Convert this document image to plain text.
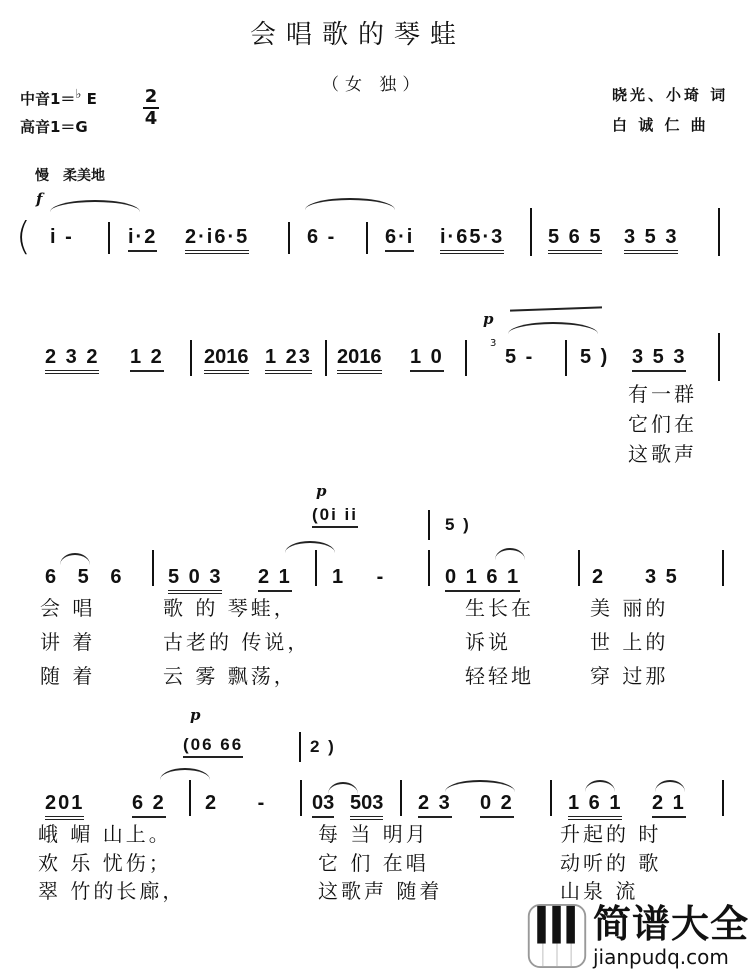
会唱歌的琴蛙
（女 独）
中音1＝♭ E
高音1＝G
2
4
晓光、小琦 词
白 诚 仁 曲
慢　柔美地
f
( i -	i·2 2·i6·5	6 - 6·i i·65·3 5 6 5 3 5 3
p
2 3 2 1 2 2016 1 23 2016 1 0
3
5 - 5 ) 3 5 3
有一群
它们在
这歌声
p
(0i ii
5 )
6 5 6 5 0 3 2 1 1 - 0 1 6 1	2 3 5
会 唱	歌 的 琴蛙，	生长在	美 丽的
讲 着	古老的 传说，	诉说	世 上的
随 着	云 雾 飘荡，	轻轻地	穿 过那
p
(06 66	2 )
201 6 2 2 - 03 503 2 3 0 2	1 6 1 2 1
峨 嵋 山上。	每 当 明月	升起的 时
欢 乐 忧伤；	它 们 在唱	动听的 歌
翠 竹的长廊，	这歌声 随着	山泉 流
简谱大全
jianpudq.com
